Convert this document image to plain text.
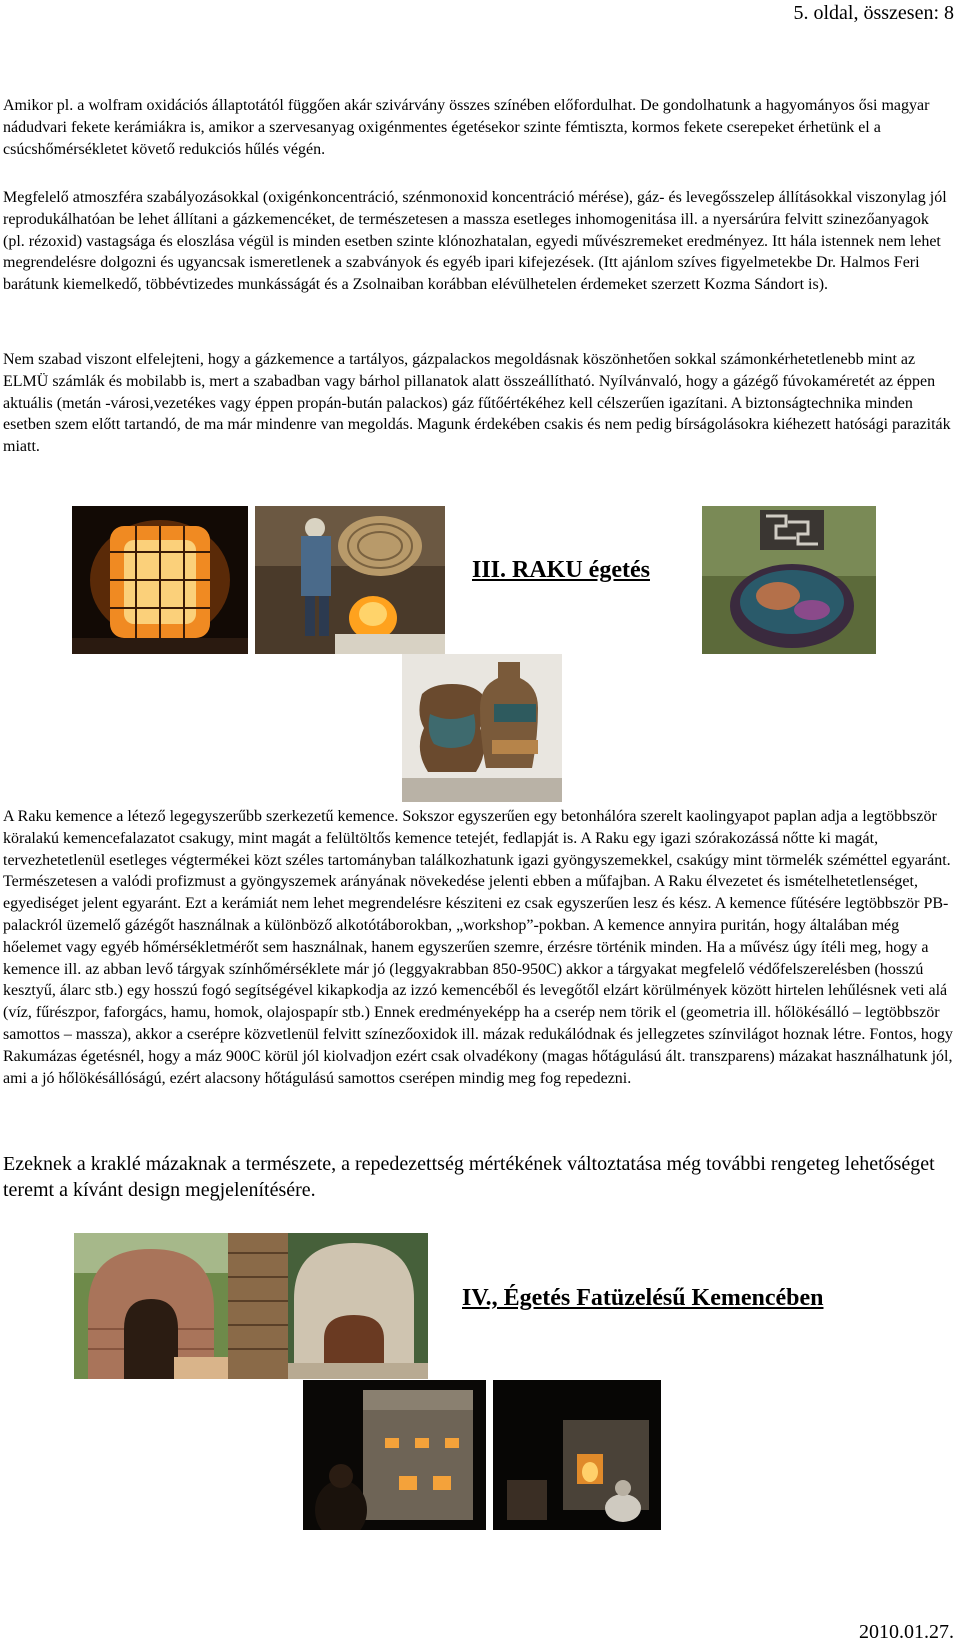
5. oldal, összesen: 8

Amikor pl. a wolfram oxidációs állaptotától függően akár szivárvány összes színében előfordulhat. De gondolhatunk a hagyományos ősi magyar nádudvari fekete kerámiákra is, amikor a szervesanyag oxigénmentes égetésekor szinte fémtisztа, kormos fekete cserepeket érhetünk el a csúcshőmérsékletet követő redukciós hűlés végén.

Megfelelő atmoszféra szabályozásokkal (oxigénkoncentráció, szénmonoxid koncentráció mérése), gáz- és levegősszelep állításokkal viszonylag jól reprodukálhatóan be lehet állítani a gázkemencéket, de természetesen a massza esetleges inhomogenitása ill. a nyersárúra felvitt szinezőanyagok (pl. rézoxid) vastagsága és eloszlása végül is minden esetben szinte klónozhatalan, egyedi művészremeket eredményez. Itt hála istennek nem lehet megrendelésre dolgozni és ugyancsak ismeretlenek a szabványok és egyéb ipari kifejezések. (Itt ajánlom szíves figyelmetekbe Dr. Halmos Feri barátunk kiemelkedő, többévtizedes munkásságát és a Zsolnaiban korábban elévülhetelen érdemeket szerzett Kozma Sándort is).

Nem szabad viszont elfelejteni, hogy a gázkemence a tartályos, gázpalackos megoldásnak köszönhetően sokkal számonkérhetetlenebb mint az ELMÜ számlák és mobilabb is, mert a szabadban vagy bárhol pillanatok alatt összeállítható. Nyílvánvaló, hogy a gázégő fúvokaméretét az éppen aktuális (metán -városi,vezetékes vagy éppen propán-bután palackos) gáz fűtőértékéhez kell célszerűen igazítani. A biztonságtechnika minden esetben szem előtt tartandó, de ma már mindenre van megoldás. Magunk érdekében csakis és nem pedig bírságolásokra kiéhezett hatósági paraziták miatt.

III. RAKU égetés

A Raku kemence a létező legegyszerűbb szerkezetű kemence. Sokszor egyszerűen egy betonhálóra szerelt kaolingyapot paplan adja a legtöbbször köralakú kemencefalazatot csakugy, mint magát a felültöltős kemence tetejét, fedlapját is. A Raku egy igazi szórakozássá nőtte ki magát, tervezhetetlenül esetleges végtermékei közt széles tartományban találkozhatunk igazi gyöngyszemekkel, csakúgy mint törmelék széméttel egyaránt. Természetesen a valódi profizmust a gyöngyszemek arányának növekedése jelenti ebben a műfajban. A Raku élvezetet és ismételhetetlenséget, egyediséget jelent egyaránt. Ezt a kerámiát nem lehet megrendelésre késziteni ez csak egyszerűen lesz és kész. A kemence fűtésére legtöbbször PB-palackról üzemelő gázégőt használnak a különböző alkotótáborokban, „workshop”-pokban. A kemence annyira puritán, hogy általában még hőelemet vagy egyéb hőmérsékletmérőt sem használnak, hanem egyszerűen szemre, érzésre történik minden. Ha a művész úgy ítéli meg, hogy a kemence ill. az abban levő tárgyak színhőmérséklete már jó (leggyakrabban 850-950C) akkor a tárgyakat megfelelő védőfelszerelésben (hosszú kesztyű, álarc stb.) egy hosszú fogó segítségével kikapkodja az izzó kemencéből és levegőtől elzárt körülmények között hirtelen lehűlésnek veti alá (víz, fűrészpor, faforgács, hamu, homok, olajospapír stb.) Ennek eredményeképp ha a cserép nem törik el (geometria ill. hőlökésálló – legtöbbször samottos – massza), akkor a cserépre közvetlenül felvitt színezőoxidok ill. mázak redukálódnak és jellegzetes színvilágot hoznak létre. Fontos, hogy Rakumázas égetésnél, hogy a máz 900C körül jól kiolvadjon ezért csak olvadékony (magas hőtágulású ált. transzparens) mázakat használhatunk jól, ami a jó hőlökésállóságú, ezért alacsony hőtágulású samottos cserépen mindig meg fog repedezni.

Ezeknek a kraklé mázaknak a természete, a repedezettség mértékének változtatása még további rengeteg lehetőséget teremt a kívánt design megjelenítésére.

IV., Égetés Fatüzelésű Kemencében
2010.01.27.
